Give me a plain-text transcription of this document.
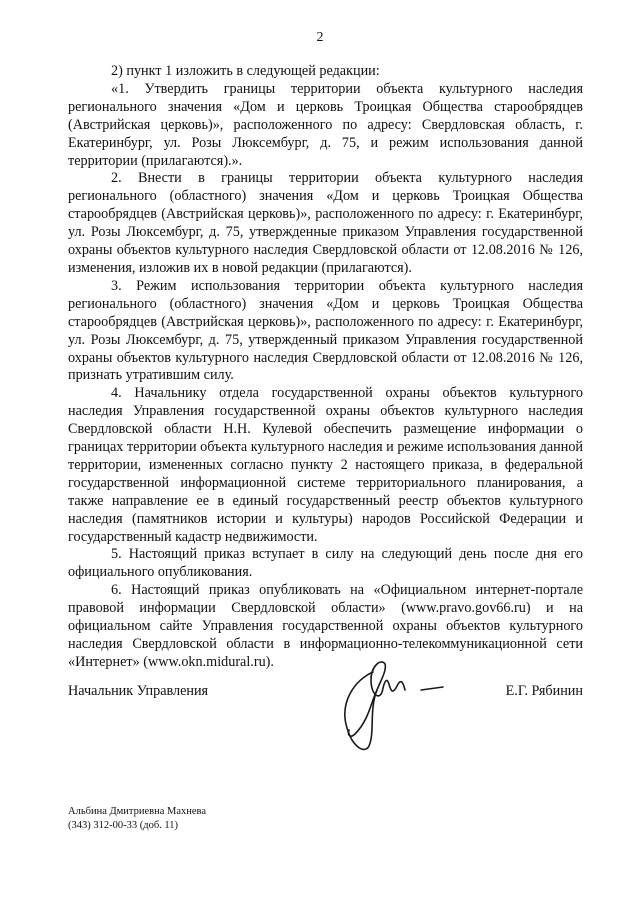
2

2) пункт 1 изложить в следующей редакции:

«1. Утвердить границы территории объекта культурного наследия регионального значения «Дом и церковь Троицкая Общества старообрядцев (Австрийская церковь)», расположенного по адресу: Свердловская область, г. Екатеринбург, ул. Розы Люксембург, д. 75, и режим использования данной территории (прилагаются).».

2. Внести в границы территории объекта культурного наследия регионального (областного) значения «Дом и церковь Троицкая Общества старообрядцев (Австрийская церковь)», расположенного по адресу: г. Екатеринбург, ул. Розы Люксембург, д. 75, утвержденные приказом Управления государственной охраны объектов культурного наследия Свердловской области от 12.08.2016 № 126, изменения, изложив их в новой редакции (прилагаются).

3. Режим использования территории объекта культурного наследия регионального (областного) значения «Дом и церковь Троицкая Общества старообрядцев (Австрийская церковь)», расположенного по адресу: г. Екатеринбург, ул. Розы Люксембург, д. 75, утвержденный приказом Управления государственной охраны объектов культурного наследия Свердловской области от 12.08.2016 № 126, признать утратившим силу.

4. Начальнику отдела государственной охраны объектов культурного наследия Управления государственной охраны объектов культурного наследия Свердловской области Н.Н. Кулевой обеспечить размещение информации о границах территории объекта культурного наследия и режиме использования данной территории, измененных согласно пункту 2 настоящего приказа, в федеральной государственной информационной системе территориального планирования, а также направление ее в единый государственный реестр объектов культурного наследия (памятников истории и культуры) народов Российской Федерации и государственный кадастр недвижимости.

5. Настоящий приказ вступает в силу на следующий день после дня его официального опубликования.

6. Настоящий приказ опубликовать на «Официальном интернет-портале правовой информации Свердловской области» (www.pravo.gov66.ru) и на официальном сайте Управления государственной охраны объектов культурного наследия Свердловской области в информационно-телекоммуникационной сети «Интернет» (www.okn.midural.ru).

Начальник Управления	Е.Г. Рябинин
Альбина Дмитриевна Махнева
(343) 312-00-33 (доб. 11)
